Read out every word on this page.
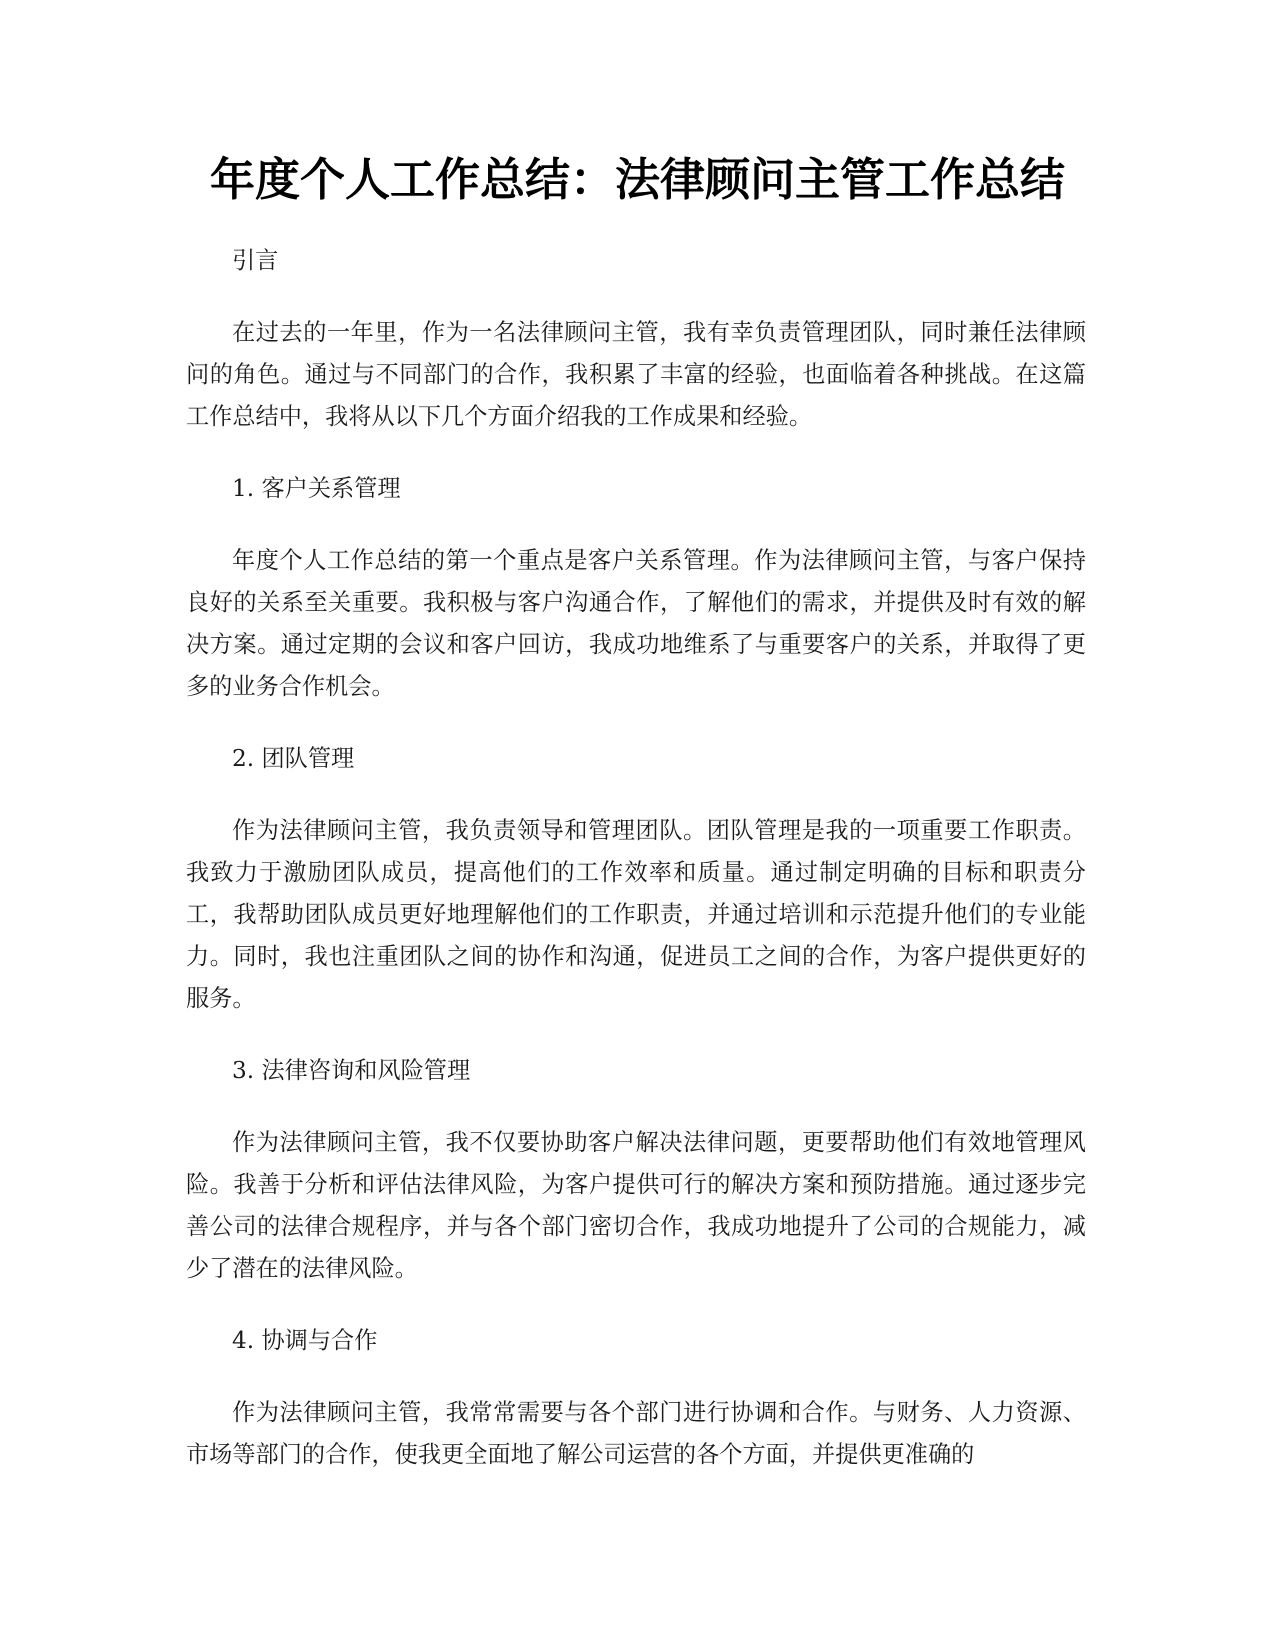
年度个人工作总结：法律顾问主管工作总结

引言

在过去的一年里，作为一名法律顾问主管，我有幸负责管理团队，同时兼任法律顾问的角色。通过与不同部门的合作，我积累了丰富的经验，也面临着各种挑战。在这篇工作总结中，我将从以下几个方面介绍我的工作成果和经验。

1. 客户关系管理

年度个人工作总结的第一个重点是客户关系管理。作为法律顾问主管，与客户保持良好的关系至关重要。我积极与客户沟通合作，了解他们的需求，并提供及时有效的解决方案。通过定期的会议和客户回访，我成功地维系了与重要客户的关系，并取得了更多的业务合作机会。

2. 团队管理

作为法律顾问主管，我负责领导和管理团队。团队管理是我的一项重要工作职责。我致力于激励团队成员，提高他们的工作效率和质量。通过制定明确的目标和职责分工，我帮助团队成员更好地理解他们的工作职责，并通过培训和示范提升他们的专业能力。同时，我也注重团队之间的协作和沟通，促进员工之间的合作，为客户提供更好的服务。

3. 法律咨询和风险管理

作为法律顾问主管，我不仅要协助客户解决法律问题，更要帮助他们有效地管理风险。我善于分析和评估法律风险，为客户提供可行的解决方案和预防措施。通过逐步完善公司的法律合规程序，并与各个部门密切合作，我成功地提升了公司的合规能力，减少了潜在的法律风险。

4. 协调与合作

作为法律顾问主管，我常常需要与各个部门进行协调和合作。与财务、人力资源、市场等部门的合作，使我更全面地了解公司运营的各个方面，并提供更准确的
